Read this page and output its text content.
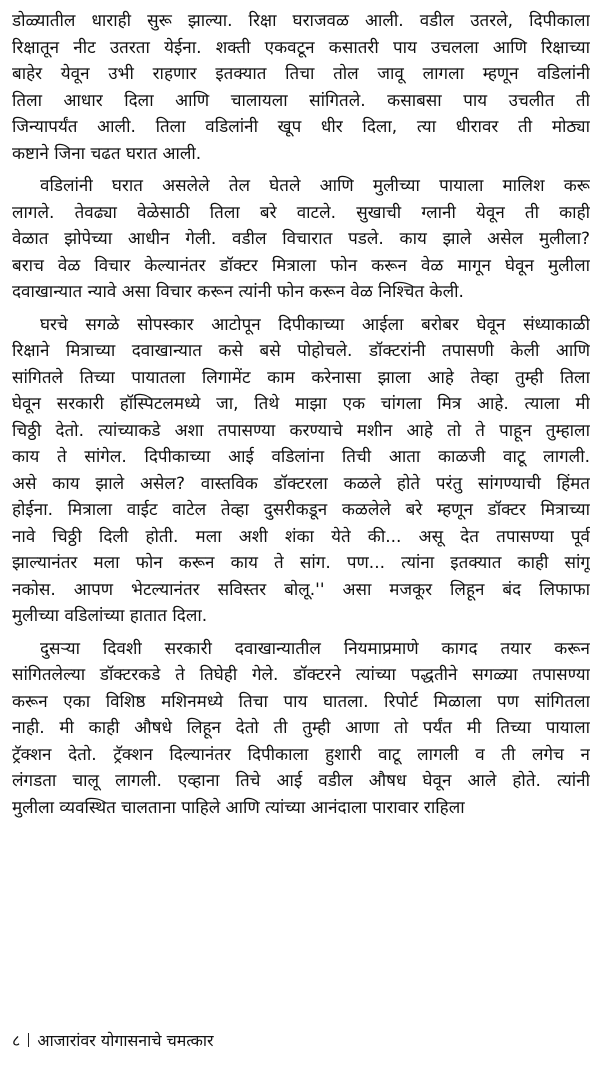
डोळ्यातील धाराही सुरू झाल्या. रिक्षा घराजवळ आली. वडील उतरले, दिपीकाला
रिक्षातून नीट उतरता येईना. शक्ती एकवटून कसातरी पाय उचलला आणि रिक्षाच्या
बाहेर येवून उभी राहणार इतक्यात तिचा तोल जावू लागला म्हणून वडिलांनी
तिला आधार दिला आणि चालायला सांगितले. कसाबसा पाय उचलीत ती
जिन्यापर्यंत आली. तिला वडिलांनी खूप धीर दिला, त्या धीरावर ती मोठ्या
कष्टाने जिना चढत घरात आली.
वडिलांनी घरात असलेले तेल घेतले आणि मुलीच्या पायाला मालिश करू
लागले. तेवढ्या वेळेसाठी तिला बरे वाटले. सुखाची ग्लानी येवून ती काही
वेळात झोपेच्या आधीन गेली. वडील विचारात पडले. काय झाले असेल मुलीला?
बराच वेळ विचार केल्यानंतर डॉक्टर मित्राला फोन करून वेळ मागून घेवून मुलीला
दवाखान्यात न्यावे असा विचार करून त्यांनी फोन करून वेळ निश्चित केली.
घरचे सगळे सोपस्कार आटोपून दिपीकाच्या आईला बरोबर घेवून संध्याकाळी
रिक्षाने मित्राच्या दवाखान्यात कसे बसे पोहोचले. डॉक्टरांनी तपासणी केली आणि
सांगितले तिच्या पायातला लिगामेंट काम करेनासा झाला आहे तेव्हा तुम्ही तिला
घेवून सरकारी हॉस्पिटलमध्ये जा, तिथे माझा एक चांगला मित्र आहे. त्याला मी
चिठ्ठी देतो. त्यांच्याकडे अशा तपासण्या करण्याचे मशीन आहे तो ते पाहून तुम्हाला
काय ते सांगेल. दिपीकाच्या आई वडिलांना तिची आता काळजी वाटू लागली.
असे काय झाले असेल? वास्तविक डॉक्टरला कळले होते परंतु सांगण्याची हिंमत
होईना. मित्राला वाईट वाटेल तेव्हा दुसरीकडून कळलेले बरे म्हणून डॉक्टर मित्राच्या
नावे चिठ्ठी दिली होती. मला अशी शंका येते की... असू देत तपासण्या पूर्व
झाल्यानंतर मला फोन करून काय ते सांग. पण... त्यांना इतक्यात काही सांगू
नकोस. आपण भेटल्यानंतर सविस्तर बोलू.'' असा मजकूर लिहून बंद लिफाफा
मुलीच्या वडिलांच्या हातात दिला.
दुसऱ्या दिवशी सरकारी दवाखान्यातील नियमाप्रमाणे कागद तयार करून
सांगितलेल्या डॉक्टरकडे ते तिघेही गेले. डॉक्टरने त्यांच्या पद्धतीने सगळ्या तपासण्या
करून एका विशिष्ठ मशिनमध्ये तिचा पाय घातला. रिपोर्ट मिळाला पण सांगितला
नाही. मी काही औषधे लिहून देतो ती तुम्ही आणा तो पर्यंत मी तिच्या पायाला
ट्रॅक्शन देतो. ट्रॅक्शन दिल्यानंतर दिपीकाला हुशारी वाटू लागली व ती लगेच न
लंगडता चालू लागली. एव्हाना तिचे आई वडील औषध घेवून आले होते. त्यांनी
मुलीला व्यवस्थित चालताना पाहिले आणि त्यांच्या आनंदाला पारावार राहिला
८ आजारांवर योगासनाचे चमत्कार
